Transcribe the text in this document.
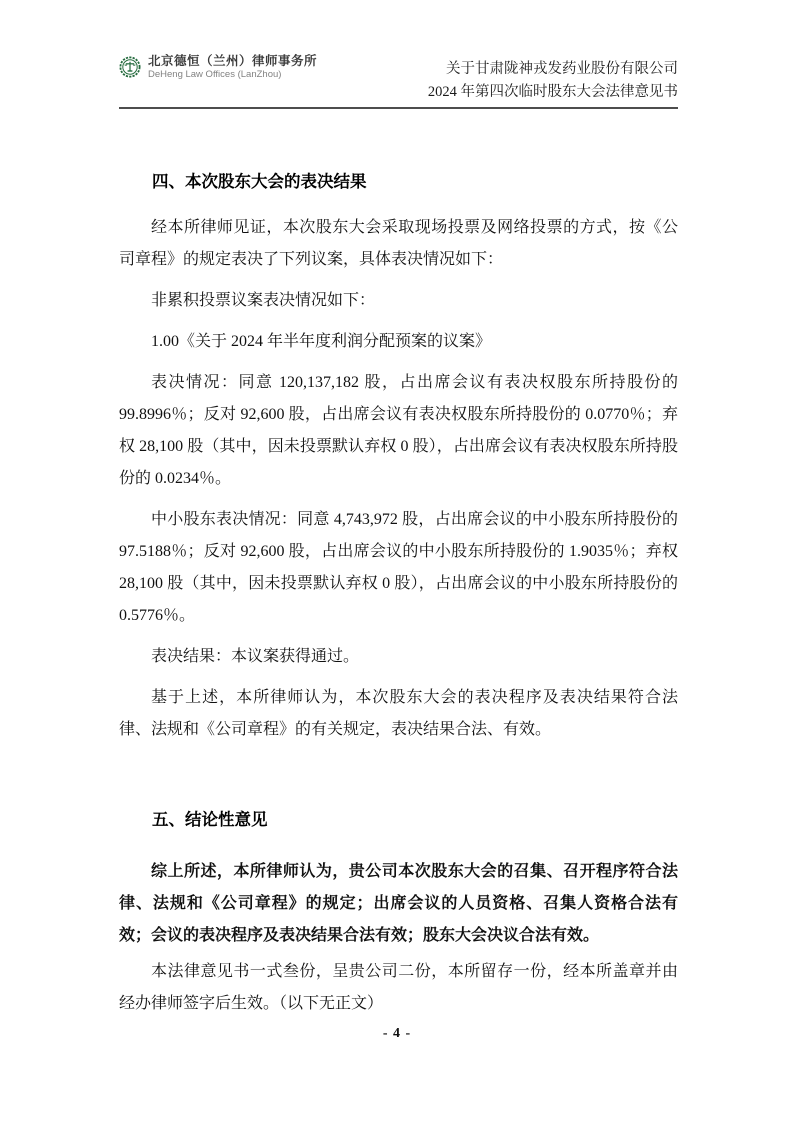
北京德恒（兰州）律师事务所
DeHeng Law Offices (LanZhou)	关于甘肃陇神戎发药业股份有限公司
2024 年第四次临时股东大会法律意见书
四、本次股东大会的表决结果

经本所律师见证，本次股东大会采取现场投票及网络投票的方式，按《公司章程》的规定表决了下列议案，具体表决情况如下：

非累积投票议案表决情况如下：

1.00《关于 2024 年半年度利润分配预案的议案》

表决情况：同意 120,137,182 股，占出席会议有表决权股东所持股份的 99.8996％；反对 92,600 股，占出席会议有表决权股东所持股份的 0.0770％；弃权 28,100 股（其中，因未投票默认弃权 0 股），占出席会议有表决权股东所持股份的 0.0234％。

中小股东表决情况：同意 4,743,972 股，占出席会议的中小股东所持股份的 97.5188％；反对 92,600 股，占出席会议的中小股东所持股份的 1.9035％；弃权 28,100 股（其中，因未投票默认弃权 0 股），占出席会议的中小股东所持股份的 0.5776％。

表决结果：本议案获得通过。

基于上述，本所律师认为，本次股东大会的表决程序及表决结果符合法律、法规和《公司章程》的有关规定，表决结果合法、有效。

五、结论性意见

综上所述，本所律师认为，贵公司本次股东大会的召集、召开程序符合法律、法规和《公司章程》的规定；出席会议的人员资格、召集人资格合法有效；会议的表决程序及表决结果合法有效；股东大会决议合法有效。

本法律意见书一式叁份，呈贵公司二份，本所留存一份，经本所盖章并由经办律师签字后生效。（以下无正文）

- 4 -
